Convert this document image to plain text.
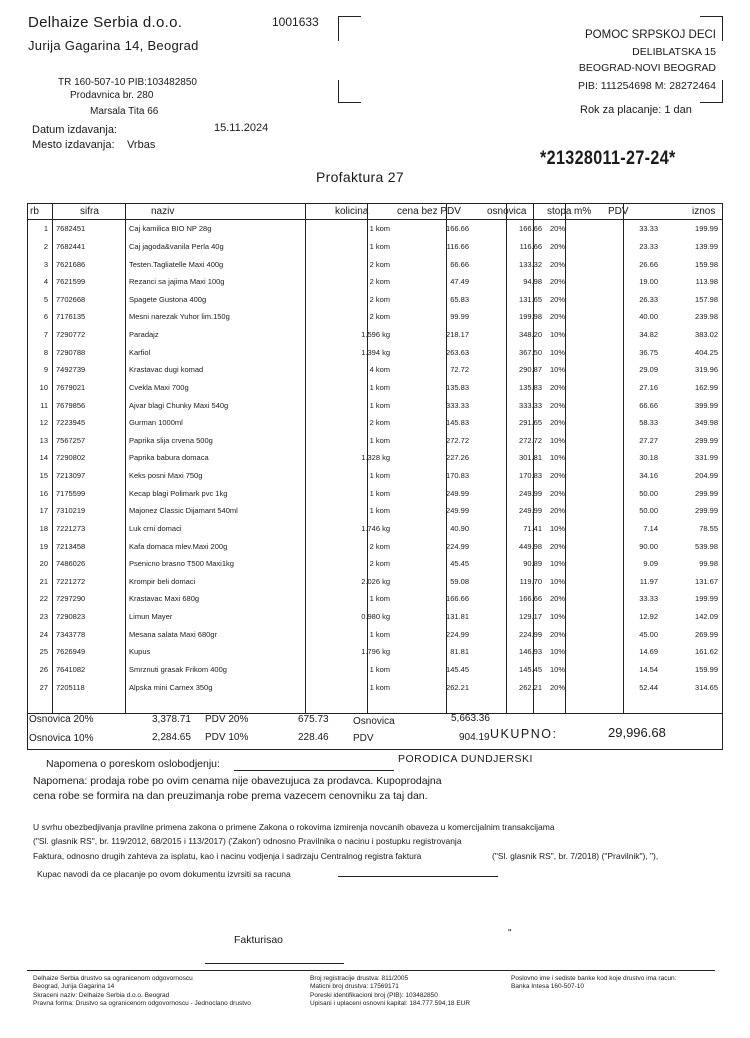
Delhaize Serbia d.o.o.
Jurija Gagarina 14, Beograd
1001633
TR 160-507-10 PIB:103482850
Prodavnica br. 280
Marsala Tita 66
POMOC SRPSKOJ DECI
DELIBLATSKA 15
BEOGRAD-NOVI BEOGRAD
PIB: 111254698 M: 28272464
Rok za placanje: 1 dan
Datum izdavanja:	15.11.2024
Mesto izdavanja: Vrbas
*21328011-27-24*
Profaktura 27
rb	sifra	naziv	kolicina	cena bez PDV	osnovica	stopa	m%	PDV	iznos
1	7682451	Caj kamilica BIO NP 28g	1 kom	166.66	166.66	20%		33.33	199.99
2	7682441	Caj jagoda&vanila Perla 40g	1 kom	116.66	116.66	20%		23.33	139.99
3	7621686	Testen.Tagliatelle Maxi 400g	2 kom	66.66	133.32	20%		26.66	159.98
4	7621599	Rezanci sa jajima Maxi 100g	2 kom	47.49	94.98	20%		19.00	113.98
5	7702668	Spagete Gustona 400g	2 kom	65.83	131.65	20%		26.33	157.98
6	7176135	Mesni narezak Yuhor lim.150g	2 kom	99.99	199.98	20%		40.00	239.98
7	7290772	Paradajz	1.596 kg	218.17	348.20	10%		34.82	383.02
8	7290788	Karfiol	1.394 kg	263.63	367.50	10%		36.75	404.25
9	7492739	Krastavac dugi komad	4 kom	72.72	290.87	10%		29.09	319.96
10	7679021	Cvekla Maxi 700g	1 kom	135.83	135.83	20%		27.16	162.99
11	7679856	Ajvar blagi Chunky Maxi 540g	1 kom	333.33	333.33	20%		66.66	399.99
12	7223945	Gurman 1000ml	2 kom	145.83	291.65	20%		58.33	349.98
13	7567257	Paprika slija crvena 500g	1 kom	272.72	272.72	10%		27.27	299.99
14	7290802	Paprika babura domaca	1.328 kg	227.26	301.81	10%		30.18	331.99
15	7213097	Keks posni Maxi 750g	1 kom	170.83	170.83	20%		34.16	204.99
16	7175599	Kecap blagi Polimark pvc 1kg	1 kom	249.99	249.99	20%		50.00	299.99
17	7310219	Majonez Classic Dijamant 540ml	1 kom	249.99	249.99	20%		50.00	299.99
18	7221273	Luk crni domaci	1.746 kg	40.90	71.41	10%		7.14	78.55
19	7213458	Kafa domaca mlev.Maxi 200g	2 kom	224.99	449.98	20%		90.00	539.98
20	7486026	Psenicno brasno T500 Maxi1kg	2 kom	45.45	90.89	10%		9.09	99.98
21	7221272	Krompir beli domaci	2.026 kg	59.08	119.70	10%		11.97	131.67
22	7297290	Krastavac Maxi 680g	1 kom	166.66	166.66	20%		33.33	199.99
23	7290823	Limun Mayer	0.980 kg	131.81	129.17	10%		12.92	142.09
24	7343778	Mesana salata Maxi 680gr	1 kom	224.99	224.99	20%		45.00	269.99
25	7626949	Kupus	1.796 kg	81.81	146.93	10%		14.69	161.62
26	7641082	Smrznuti grasak Frikom 400g	1 kom	145.45	145.45	10%		14.54	159.99
27	7205118	Alpska mini Carnex 350g	1 kom	262.21	262.21	20%		52.44	314.65
Osnovica 20%	3,378.71 PDV 20%	675.73 Osnovica	5,663.36
Osnovica 10%	2,284.65 PDV 10%	228.46 PDV	904.19 UKUPNO:	29,996.68
Napomena o poreskom oslobodjenju:	PORODICA DUNDJERSKI
Napomena: prodaja robe po ovim cenama nije obavezujuca za prodavca. Kupoprodajna
cena robe se formira na dan preuzimanja robe prema vazecem cenovniku za taj dan.
U svrhu obezbedjivanja pravilne primena zakona o primene Zakona o rokovima izmirenja novcanih obaveza u komercijalnim transakcijama
("Sl. glasnik RS", br. 119/2012, 68/2015 i 113/2017) ('Zakon') odnosno Pravilnika o nacinu i postupku registrovanja
Faktura, odnosno drugih zahteva za isplatu, kao i nacinu vodjenja i sadrzaju Centralnog registra faktura	("Sl. glasnik RS", br. 7/2018) ("Pravilnik"), "),
Kupac navodi da ce placanje po ovom dokumentu izvrsiti sa racuna
Fakturisao
"
Delhaize Serbia drustvo sa ogranicenom odgovornoscu
Beograd, Jurija Gagarina 14
Skraceni naziv: Delhaize Serbia d.o.o. Beograd
Pravna forma: Drustvo sa ogranicenom odgovornoscu - Jednoclano drustvo
Broj registracije drustva: 811/2005
Maticni broj drustva: 17569171
Poreski identifikacioni broj (PIB): 103482850
Upisani i uplaceni osnovni kapital: 184.777.594,18 EUR
Poslovno ime i sediste banke kod koje drustvo ima racun:
Banka Intesa 160-507-10
